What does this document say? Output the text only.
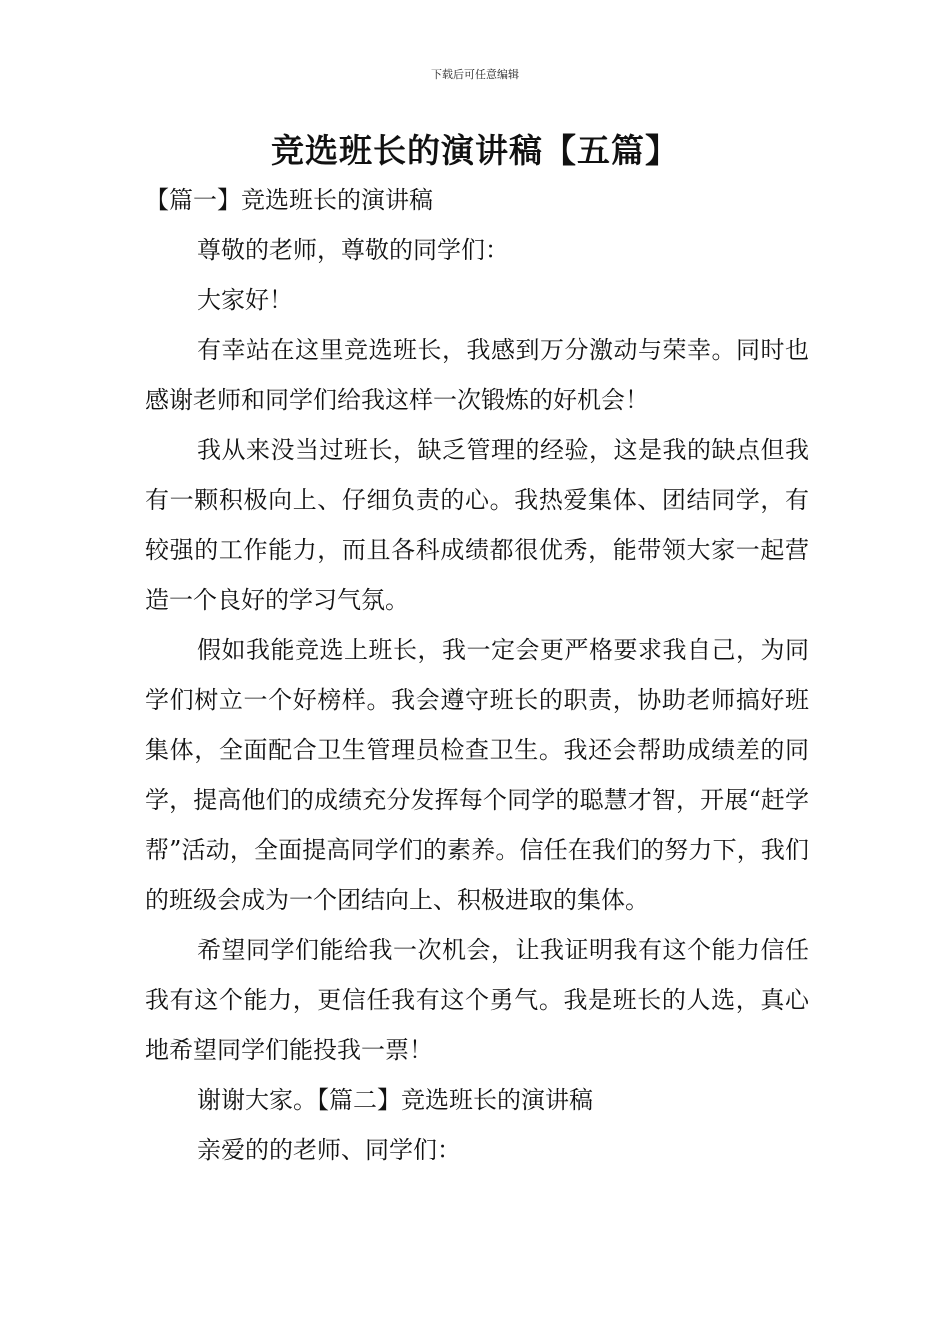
下载后可任意编辑
竞选班长的演讲稿【五篇】

【篇一】竞选班长的演讲稿

尊敬的老师，尊敬的同学们：

大家好！

有幸站在这里竞选班长，我感到万分激动与荣幸。同时也感谢老师和同学们给我这样一次锻炼的好机会！

我从来没当过班长，缺乏管理的经验，这是我的缺点但我有一颗积极向上、仔细负责的心。我热爱集体、团结同学，有较强的工作能力，而且各科成绩都很优秀，能带领大家一起营造一个良好的学习气氛。

假如我能竞选上班长，我一定会更严格要求我自己，为同学们树立一个好榜样。我会遵守班长的职责，协助老师搞好班集体，全面配合卫生管理员检查卫生。我还会帮助成绩差的同学，提高他们的成绩充分发挥每个同学的聪慧才智，开展“赶学帮”活动，全面提高同学们的素养。信任在我们的努力下，我们的班级会成为一个团结向上、积极进取的集体。

希望同学们能给我一次机会，让我证明我有这个能力信任我有这个能力，更信任我有这个勇气。我是班长的人选，真心地希望同学们能投我一票！

谢谢大家。【篇二】竞选班长的演讲稿

亲爱的的老师、同学们：
